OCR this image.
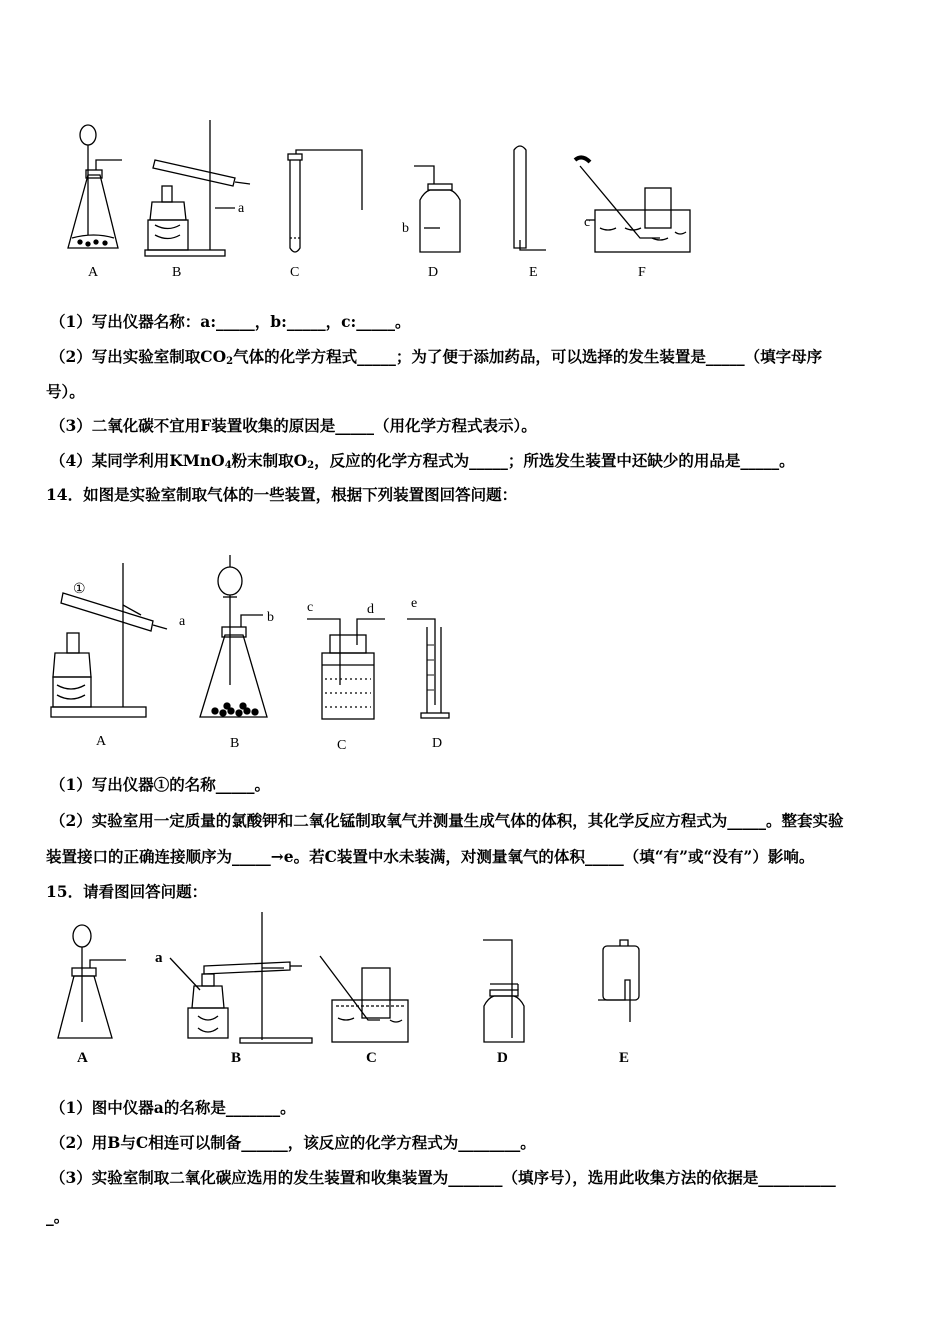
a
b	c
A	B	C	D	E	F
（1）写出仪器名称：a:_____，b:_____，c:_____。
（2）写出实验室制取$CO_2$气体的化学方程式_____；为了便于添加药品，可以选择的发生装置是_____（填字母序
号）。
（3）二氧化碳不宜用F装置收集的原因是_____（用化学方程式表示）。
（4）某同学利用KMnO$_4$粉末制取$O_2$，反应的化学方程式为_____；所选发生装置中还缺少的用品是_____。
14．如图是实验室制取气体的一些装置，根据下列装置图回答问题：
①
a	b
c	d	e
A	B	C	D
（1）写出仪器①的名称_____。
（2）实验室用一定质量的氯酸钾和二氧化锰制取氧气并测量生成气体的体积，其化学反应方程式为_____。整套实验
装置接口的正确连接顺序为_____→e。若C装置中水未装满，对测量氧气的体积_____（填“有”或“没有”）影响。
15．请看图回答问题：
a
A	B	C	D	E
（1）图中仪器a的名称是_______。
（2）用B与C相连可以制备______，该反应的化学方程式为________。
（3）实验室制取二氧化碳应选用的发生装置和收集装置为_______（填序号），选用此收集方法的依据是__________
_。
